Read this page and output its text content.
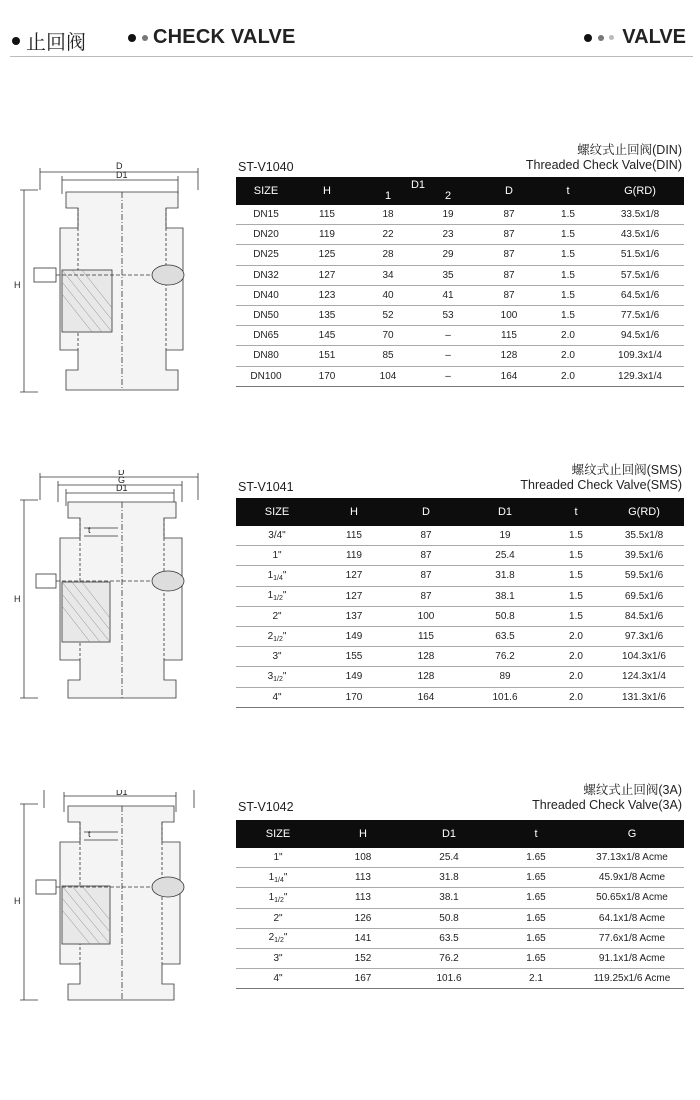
止回阀	CHECK VALVE	VALVE
D
D1
H
ST-V1040
螺纹式止回阀(DIN)
Threaded Check Valve(DIN)
SIZE	H	D1
1 2		D	t	G(RD)
DN15	115	18	19	87	1.5	33.5x1/8
DN20	119	22	23	87	1.5	43.5x1/6
DN25	125	28	29	87	1.5	51.5x1/6
DN32	127	34	35	87	1.5	57.5x1/6
DN40	123	40	41	87	1.5	64.5x1/6
DN50	135	52	53	100	1.5	77.5x1/6
DN65	145	70	–	115	2.0	94.5x1/6
DN80	151	85	–	128	2.0	109.3x1/4
DN100	170	104	–	164	2.0	129.3x1/4
D
G
D1
t
H
ST-V1041
螺纹式止回阀(SMS)
Threaded Check Valve(SMS)
SIZE	H	D	D1	t	G(RD)
3/4"	115	87	19	1.5	35.5x1/8
1"	119	87	25.4	1.5	39.5x1/6
$1_{1/4}$"	127	87	31.8	1.5	59.5x1/6
$1_{1/2}$"	127	87	38.1	1.5	69.5x1/6
2"	137	100	50.8	1.5	84.5x1/6
$2_{1/2}$"	149	115	63.5	2.0	97.3x1/6
3"	155	128	76.2	2.0	104.3x1/6
$3_{1/2}$"	149	128	89	2.0	124.3x1/4
4"	170	164	101.6	2.0	131.3x1/6
D1
t
H
ST-V1042
螺纹式止回阀(3A)
Threaded Check Valve(3A)
SIZE	H	D1	t	G
1"	108	25.4	1.65	37.13x1/8 Acme
$1_{1/4}$"	113	31.8	1.65	45.9x1/8 Acme
$1_{1/2}$"	113	38.1	1.65	50.65x1/8 Acme
2"	126	50.8	1.65	64.1x1/8 Acme
$2_{1/2}$"	141	63.5	1.65	77.6x1/8 Acme
3"	152	76.2	1.65	91.1x1/8 Acme
4"	167	101.6	2.1	119.25x1/6 Acme
